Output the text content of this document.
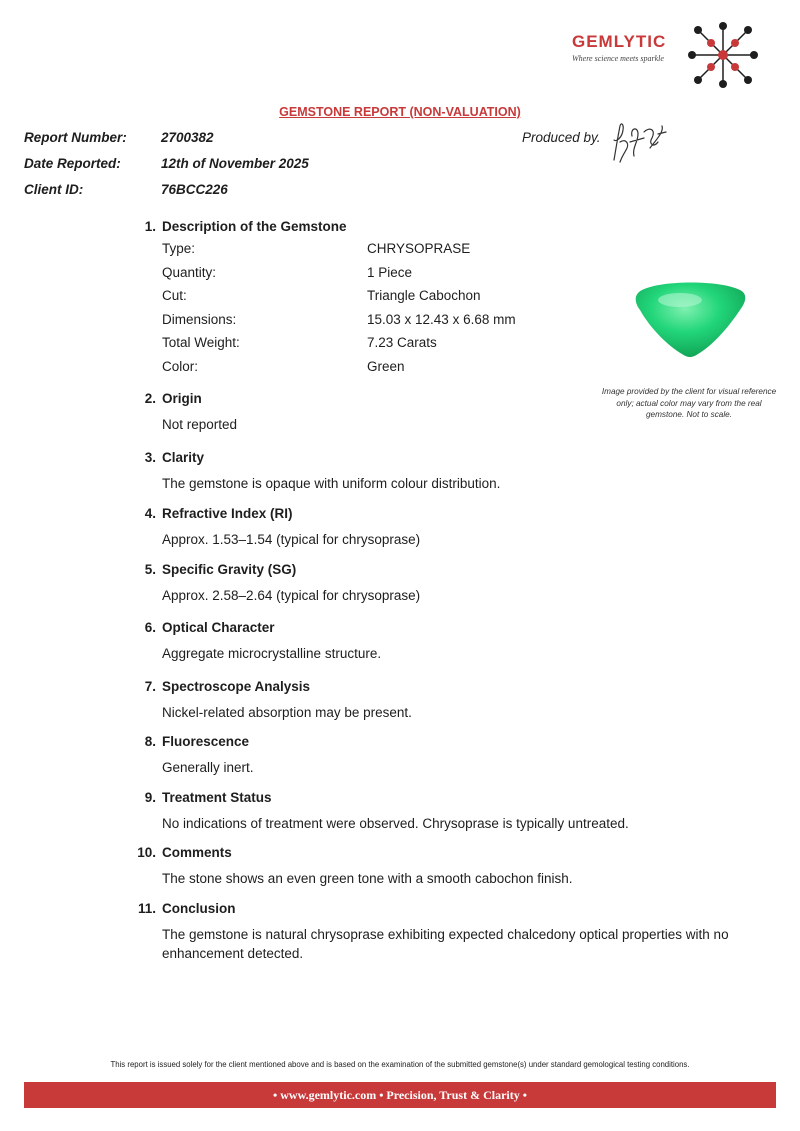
GEMLYTIC
Where science meets sparkle
GEMSTONE REPORT (NON-VALUATION)
Report Number:	2700382
Date Reported:	12th of November 2025
Client ID:	76BCC226
Produced by.
1. Description of the Gemstone
Type:	CHRYSOPRASE
Quantity:	1 Piece
Cut:	Triangle Cabochon
Dimensions:	15.03 x 12.43 x 6.68 mm
Total Weight:	7.23 Carats
Color:	Green
Image provided by the client for visual reference only; actual color may vary from the real gemstone. Not to scale.
2. Origin
Not reported
3. Clarity
The gemstone is opaque with uniform colour distribution.
4. Refractive Index (RI)
Approx. 1.53–1.54 (typical for chrysoprase)
5. Specific Gravity (SG)
Approx. 2.58–2.64 (typical for chrysoprase)
6. Optical Character
Aggregate microcrystalline structure.
7. Spectroscope Analysis
Nickel-related absorption may be present.
8. Fluorescence
Generally inert.
9. Treatment Status
No indications of treatment were observed. Chrysoprase is typically untreated.
10. Comments
The stone shows an even green tone with a smooth cabochon finish.
11. Conclusion
The gemstone is natural chrysoprase exhibiting expected chalcedony optical properties with no enhancement detected.
This report is issued solely for the client mentioned above and is based on the examination of the submitted gemstone(s) under standard gemological testing conditions.
• www.gemlytic.com • Precision, Trust & Clarity •
